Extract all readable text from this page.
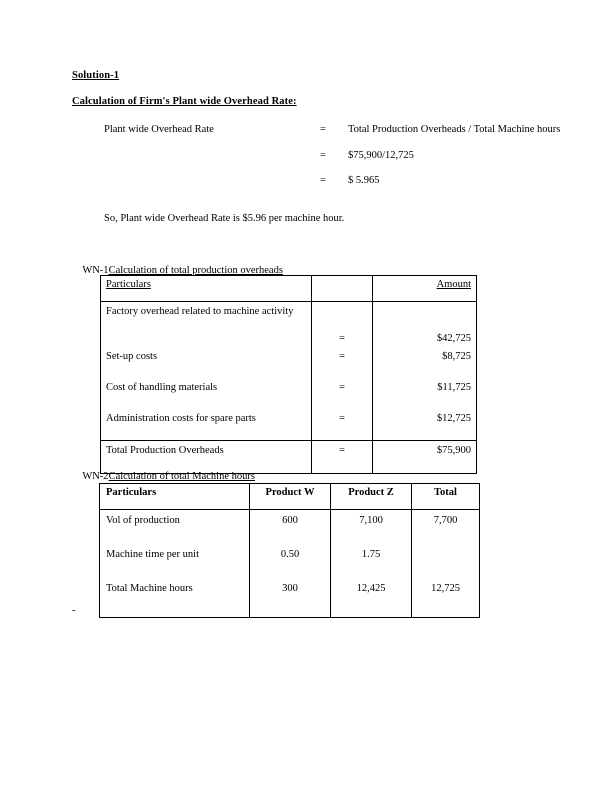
Solution-1
Calculation of Firm's Plant wide Overhead Rate:
Plant wide Overhead Rate	= Total Production Overheads / Total Machine hours
= $75,900/12,725
= $ 5.965
So, Plant wide Overhead Rate is $5.96 per machine hour.

WN-1Calculation of total production overheads

Particulars		Amount
Factory overhead related to machine activity	=	$42,725
Set-up costs	=	$8,725
Cost of handling materials	=	$11,725
Administration costs for spare parts	=	$12,725
Total Production Overheads	=	$75,900

WN-2Calculation of total Machine hours

Particulars	Product W	Product Z	Total
Vol of production	600	7,100	7,700
Machine time per unit	0.50	1.75	
Total Machine hours	300	12,425	12,725
-
